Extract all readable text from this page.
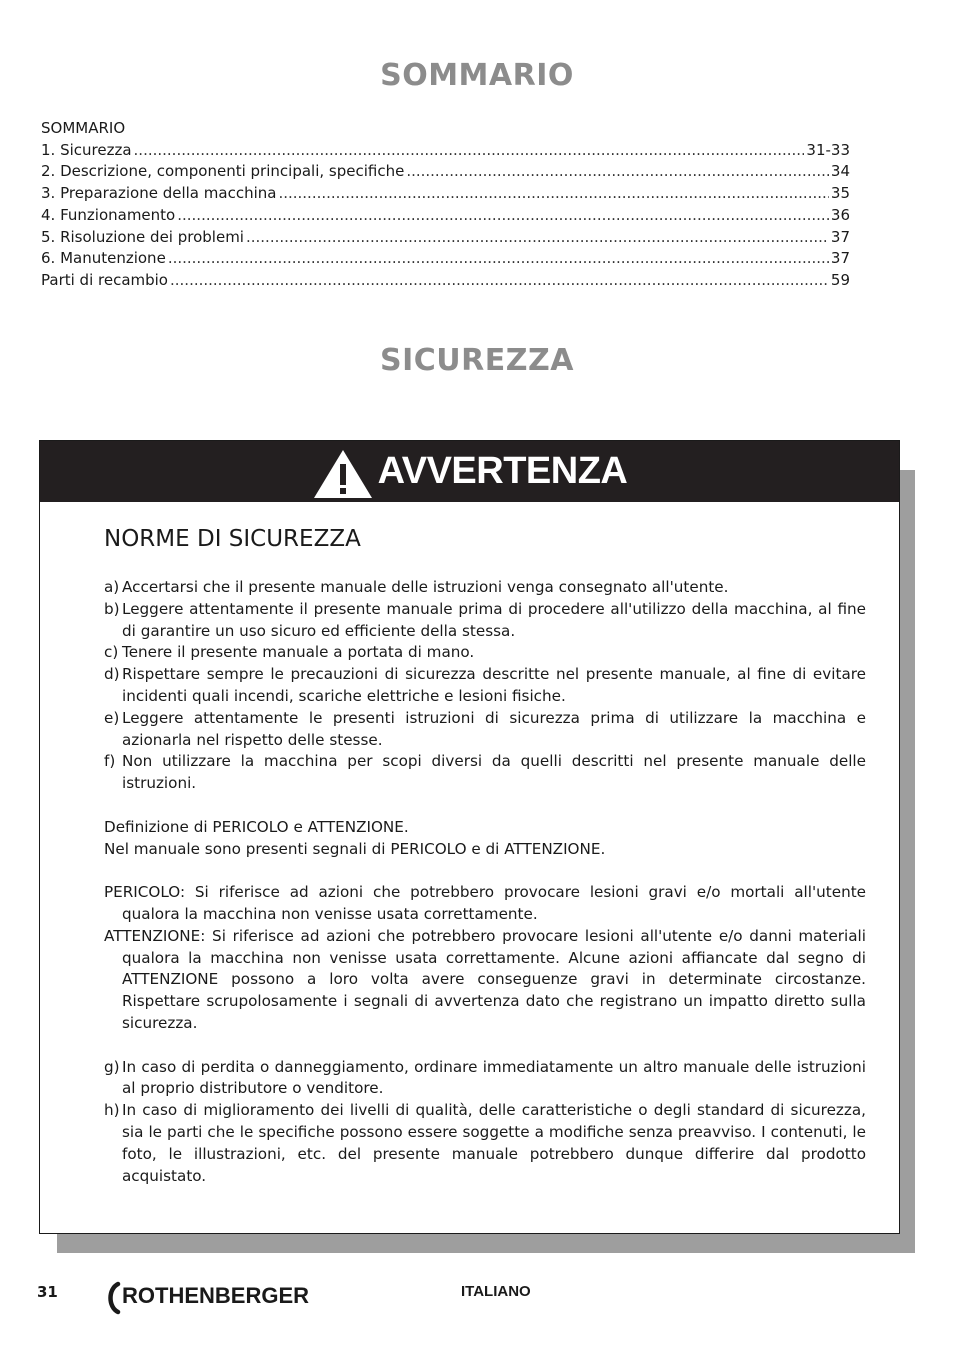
SOMMARIO
SOMMARIO
1. Sicurezza .....	31-33
2. Descrizione, componenti principali, specifiche .....	34
3. Preparazione della macchina .....	35
4. Funzionamento .....	36
5. Risoluzione dei problemi .....	37
6. Manutenzione .....	37
Parti di recambio .....	59
SICUREZZA
AVVERTENZA
NORME DI SICUREZZA
a) Accertarsi che il presente manuale delle istruzioni venga consegnato all'utente.
b) Leggere attentamente il presente manuale prima di procedere all'utilizzo della macchina, al fine di garantire un uso sicuro ed efficiente della stessa.
c) Tenere il presente manuale a portata di mano.
d) Rispettare sempre le precauzioni di sicurezza descritte nel presente manuale, al fine di evitare incidenti quali incendi, scariche elettriche e lesioni fisiche.
e) Leggere attentamente le presenti istruzioni di sicurezza prima di utilizzare la macchina e azionarla nel rispetto delle stesse.
f) Non utilizzare la macchina per scopi diversi da quelli descritti nel presente manuale delle istruzioni.

Definizione di PERICOLO e ATTENZIONE.

Nel manuale sono presenti segnali di PERICOLO e di ATTENZIONE.

PERICOLO: Si riferisce ad azioni che potrebbero provocare lesioni gravi e/o mortali all'utente qualora la macchina non venisse usata correttamente.

ATTENZIONE: Si riferisce ad azioni che potrebbero provocare lesioni all'utente e/o danni materiali qualora la macchina non venisse usata correttamente. Alcune azioni affiancate dal segno di ATTENZIONE possono a loro volta avere conseguenze gravi in determinate circostanze. Rispettare scrupolosamente i segnali di avvertenza dato che registrano un impatto diretto sulla sicurezza.

g) In caso di perdita o danneggiamento, ordinare immediatamente un altro manuale delle istruzioni al proprio distributore o venditore.
h) In caso di miglioramento dei livelli di qualità, delle caratteristiche o degli standard di sicurezza, sia le parti che le specifiche possono essere soggette a modifiche senza preavviso. I contenuti, le foto, le illustrazioni, etc. del presente manuale potrebbero dunque differire dal prodotto acquistato.
31	ROTHENBERGER	ITALIANO
